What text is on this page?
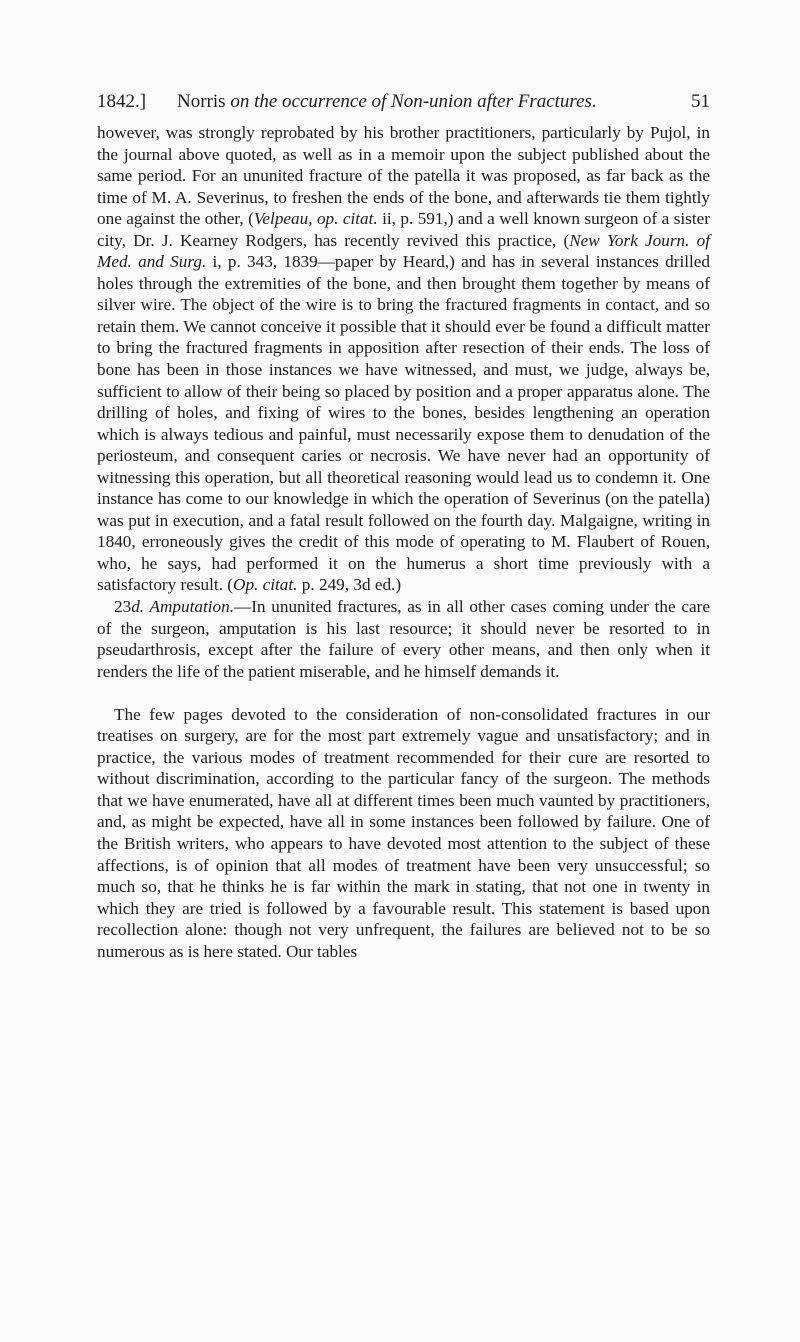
1842.] Norris on the occurrence of Non-union after Fractures.	51

however, was strongly reprobated by his brother practitioners, particularly by Pujol, in the journal above quoted, as well as in a memoir upon the subject published about the same period. For an ununited fracture of the patella it was proposed, as far back as the time of M. A. Severinus, to freshen the ends of the bone, and afterwards tie them tightly one against the other, (Velpeau, op. citat. ii, p. 591,) and a well known surgeon of a sister city, Dr. J. Kearney Rodgers, has recently revived this practice, (New York Journ. of Med. and Surg. i, p. 343, 1839—paper by Heard,) and has in several instances drilled holes through the extremities of the bone, and then brought them together by means of silver wire. The object of the wire is to bring the fractured fragments in contact, and so retain them. We cannot conceive it possible that it should ever be found a difficult matter to bring the fractured fragments in apposition after resection of their ends. The loss of bone has been in those instances we have witnessed, and must, we judge, always be, sufficient to allow of their being so placed by position and a proper apparatus alone. The drilling of holes, and fixing of wires to the bones, besides lengthening an operation which is always tedious and painful, must necessarily expose them to denudation of the periosteum, and consequent caries or necrosis. We have never had an opportunity of witnessing this operation, but all theoretical reasoning would lead us to condemn it. One instance has come to our knowledge in which the operation of Severinus (on the patella) was put in execution, and a fatal result followed on the fourth day. Malgaigne, writing in 1840, erroneously gives the credit of this mode of operating to M. Flaubert of Rouen, who, he says, had performed it on the humerus a short time previously with a satisfactory result. (Op. citat. p. 249, 3d ed.)

23d. Amputation.—In ununited fractures, as in all other cases coming under the care of the surgeon, amputation is his last resource; it should never be resorted to in pseudarthrosis, except after the failure of every other means, and then only when it renders the life of the patient miserable, and he himself demands it.

The few pages devoted to the consideration of non-consolidated fractures in our treatises on surgery, are for the most part extremely vague and unsatisfactory; and in practice, the various modes of treatment recommended for their cure are resorted to without discrimination, according to the particular fancy of the surgeon. The methods that we have enumerated, have all at different times been much vaunted by practitioners, and, as might be expected, have all in some instances been followed by failure. One of the British writers, who appears to have devoted most attention to the subject of these affections, is of opinion that all modes of treatment have been very unsuccessful; so much so, that he thinks he is far within the mark in stating, that not one in twenty in which they are tried is followed by a favourable result. This statement is based upon recollection alone: though not very unfrequent, the failures are believed not to be so numerous as is here stated. Our tables
